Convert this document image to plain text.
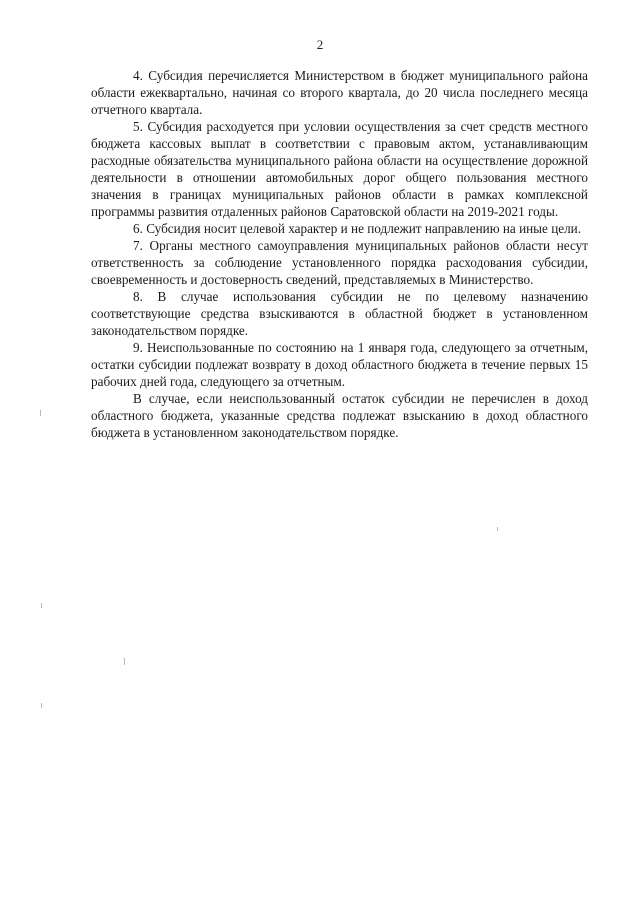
2

4. Субсидия перечисляется Министерством в бюджет муниципального района области ежеквартально, начиная со второго квартала, до 20 числа последнего месяца отчетного квартала.

5. Субсидия расходуется при условии осуществления за счет средств местного бюджета кассовых выплат в соответствии с правовым актом, устанавливающим расходные обязательства муниципального района области на осуществление дорожной деятельности в отношении автомобильных дорог общего пользования местного значения в границах муниципальных районов области в рамках комплексной программы развития отдаленных районов Саратовской области на 2019-2021 годы.

6. Субсидия носит целевой характер и не подлежит направлению на иные цели.

7. Органы местного самоуправления муниципальных районов области несут ответственность за соблюдение установленного порядка расходования субсидии, своевременность и достоверность сведений, представляемых в Министерство.

8. В случае использования субсидии не по целевому назначению соответствующие средства взыскиваются в областной бюджет в установленном законодательством порядке.

9. Неиспользованные по состоянию на 1 января года, следующего за отчетным, остатки субсидии подлежат возврату в доход областного бюджета в течение первых 15 рабочих дней года, следующего за отчетным.

В случае, если неиспользованный остаток субсидии не перечислен в доход областного бюджета, указанные средства подлежат взысканию в доход областного бюджета в установленном законодательством порядке.
